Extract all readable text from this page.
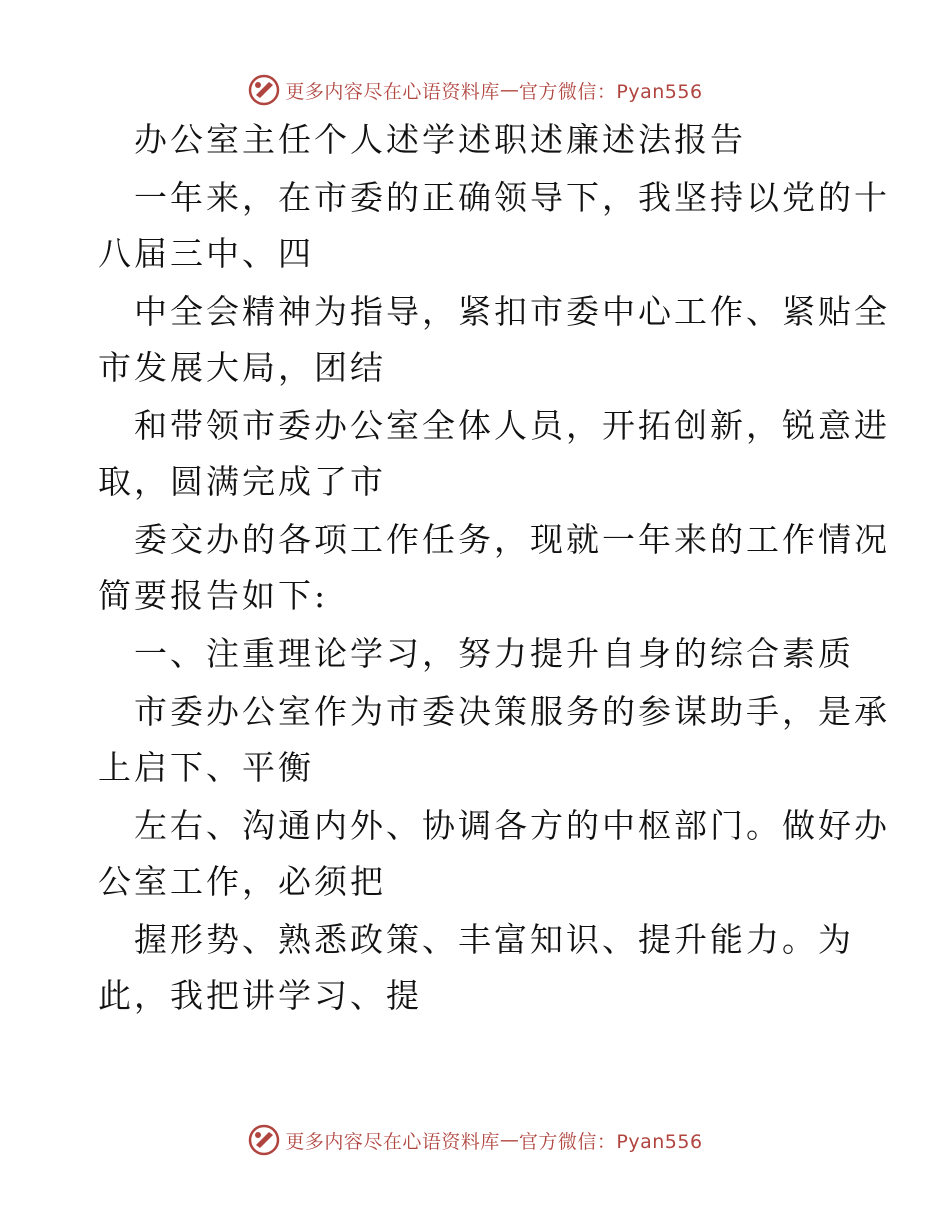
更多内容尽在心语资料库 — 官方微信：Pyan556
办公室主任个人述学述职述廉述法报告
一年来，在市委的正确领导下，我坚持以党的十
八届三中、四
中全会精神为指导，紧扣市委中心工作、紧贴全
市发展大局，团结
和带领市委办公室全体人员，开拓创新，锐意进
取，圆满完成了市
委交办的各项工作任务，现就一年来的工作情况
简要报告如下:
一、注重理论学习，努力提升自身的综合素质
市委办公室作为市委决策服务的参谋助手，是承
上启下、平衡
左右、沟通内外、协调各方的中枢部门。做好办
公室工作，必须把
握形势、熟悉政策、丰富知识、提升能力。为
此，我把讲学习、提
更多内容尽在心语资料库 — 官方微信：Pyan556
